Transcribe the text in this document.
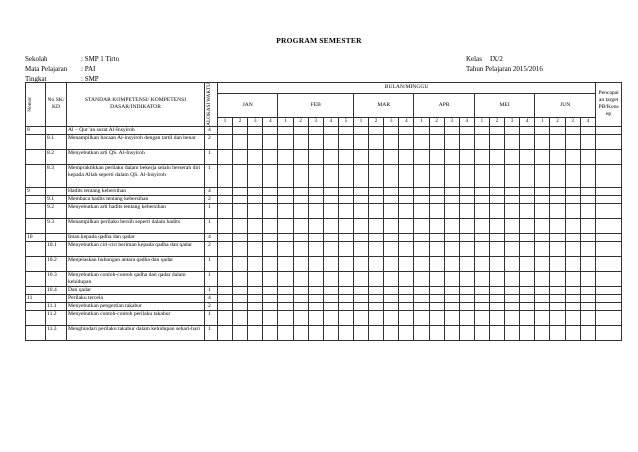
PROGRAM SEMESTER
Sekolah	: SMP 1 Tirto
Mata Pelajaran : PAI
Tingkat	: SMP
Kelas IX/2
Tahun Pelajaran 2015/2016
Nomor	No SK/ KD	STANDAR KOMPETENSI/ KOMPETENSI DASAR/INDIKATOR	ALOKASI WAKTU	BULAN/MINGGU																									Pencapai an target PB/Kons ep
				JAN				FEB					MAR				APR				MEI				JUN				
				1	2	3	4	1	2	3	4	5	1	2	3	4	1	2	3	4	1	2	3	4	1	2	3	4	
8		Al – Qur’an surat Al-Insyiroh	4																										
	8.1	Menampilkan bacaan Al-insyiroh dengan tartil dan benar	2																										
	8.2	Menyebutkan arti QS. Al-Insyiroh	1																										
	8.3	Mempraktikkan perilaku dalam bekerja selalu berserah diri kepada Allah seperti dalam QS. Al-Insyiroh	1																										
9		Hadits tentang kebersihan	4																										
	9.1	Membaca hadits tentang kebersihan	2																										
	9.2	Menyebutkan arti hadits tentang kebersihan	1																										
	9.3	Menampilkan perilaku bersih seperti dalam hadits	1																										
10		Iman kepada qadha dan qadar	4																										
	10.1	Menyebutkan ciri-ciri beriman kepada qadha dan qadar	2																										
	10.2	Menjelaskan hubungan antara qadha dan qadar	1																										
	10.3	Menyebutkan contoh-contoh qadha dan qadar dalam kehidupan	1																										
	10.4	Dan qadar	1																										
11		Perilaku tercela	4																										
	11.1	Menyebutkan pengertian takabur	2																										
	11.2	Menyebutkan contoh-contoh perilaku takabur	1																										
	11.3	Menghindari perilaku takabur dalam kehidupan sehari-hari	1																										
